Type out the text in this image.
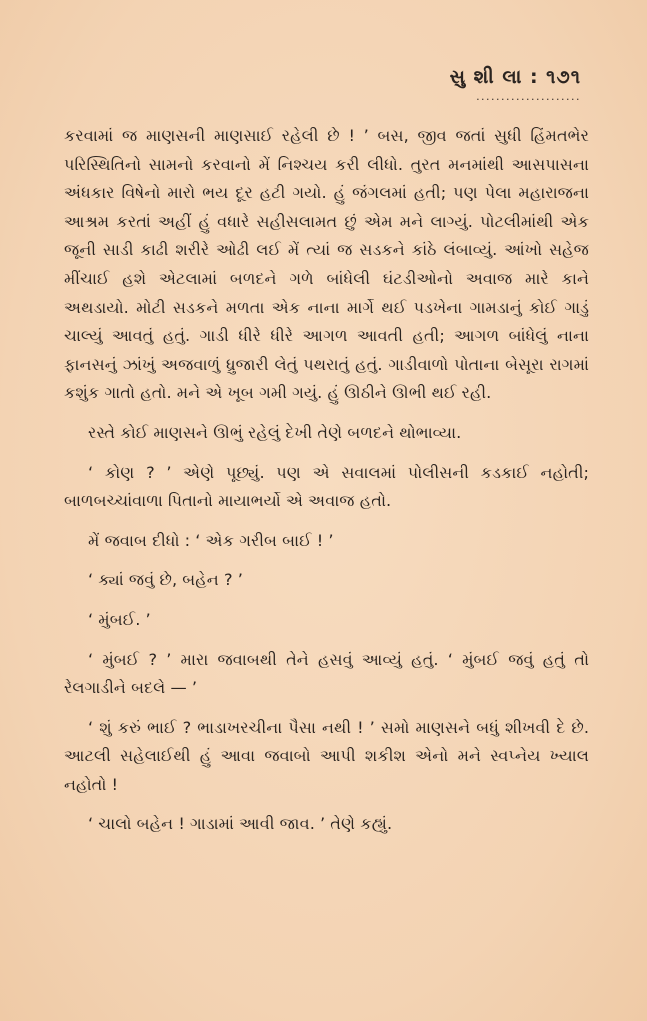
સુ શી લા : ૧૭૧
.....................

કરવામાં જ માણસની માણસાઈ રહેલી છે ! ’ બસ, જીવ જતાં સુધી હિંમતભેર પરિસ્થિતિનો સામનો કરવાનો મેં નિશ્ચય કરી લીધો. તુરત મનમાંથી આસપાસના અંધકાર વિષેનો મારો ભય દૂર હટી ગયો. હું જંગલમાં હતી; પણ પેલા મહારાજના આશ્રમ કરતાં અહીં હું વધારે સહીસલામત છું એમ મને લાગ્યું. પોટલીમાંથી એક જૂની સાડી કાઢી શરીરે ઓઢી લઈ મેં ત્યાં જ સડકને કાંઠે લંબાવ્યું. આંખો સહેજ મીંચાઈ હશે એટલામાં બળદને ગળે બાંધેલી ઘંટડીઓનો અવાજ મારે કાને અથડાયો. મોટી સડકને મળતા એક નાના માર્ગે થઈ પડખેના ગામડાનું કોઈ ગાડું ચાલ્યું આવતું હતું. ગાડી ધીરે ધીરે આગળ આવતી હતી; આગળ બાંધેલું નાના ફાનસનું ઝાંખું અજવાળું ધ્રુજારી લેતું પથરાતું હતું. ગાડીવાળો પોતાના બેસૂરા રાગમાં કશુંક ગાતો હતો. મને એ ખૂબ ગમી ગયું. હું ઊઠીને ઊભી થઈ રહી.

રસ્તે કોઈ માણસને ઊભું રહેલું દેખી તેણે બળદને થોભાવ્યા.

‘ કોણ ? ’ એણે પૂછ્યું. પણ એ સવાલમાં પોલીસની કડકાઈ નહોતી; બાળબચ્ચાંવાળા પિતાનો માયાભર્યો એ અવાજ હતો.

મેં જવાબ દીધો : ‘ એક ગરીબ બાઈ ! ’

‘ ક્યાં જવું છે, બહેન ? ’

‘ મુંબઈ. ’

‘ મુંબઈ ? ’ મારા જવાબથી તેને હસવું આવ્યું હતું. ‘ મુંબઈ જવું હતું તો રેલગાડીને બદલે — ’

‘ શું કરું ભાઈ ? ભાડાખરચીના પૈસા નથી ! ’ સમો માણસને બધું શીખવી દે છે. આટલી સહેલાઈથી હું આવા જવાબો આપી શકીશ એનો મને સ્વપ્નેય ખ્યાલ નહોતો !

‘ ચાલો બહેન ! ગાડામાં આવી જાવ. ’ તેણે કહ્યું.
